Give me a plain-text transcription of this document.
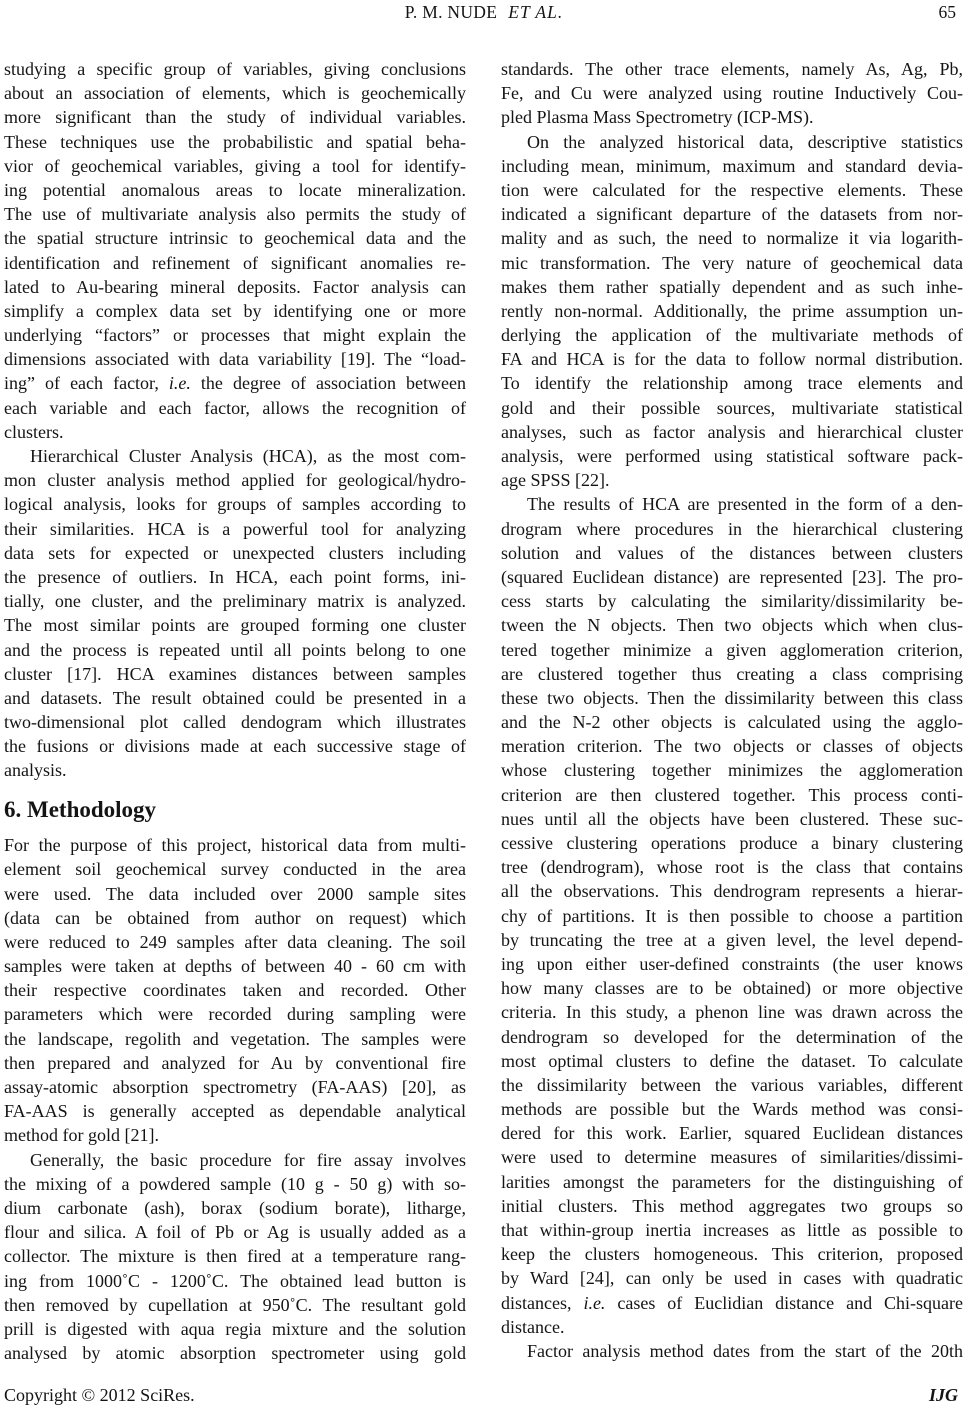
P. M. NUDE ET AL.	65
studying a specific group of variables, giving conclusions
about an association of elements, which is geochemically
more significant than the study of individual variables.
These techniques use the probabilistic and spatial beha-
vior of geochemical variables, giving a tool for identify-
ing potential anomalous areas to locate mineralization.
The use of multivariate analysis also permits the study of
the spatial structure intrinsic to geochemical data and the
identification and refinement of significant anomalies re-
lated to Au-bearing mineral deposits. Factor analysis can
simplify a complex data set by identifying one or more
underlying “factors” or processes that might explain the
dimensions associated with data variability [19]. The “load-
ing” of each factor, i.e. the degree of association between
each variable and each factor, allows the recognition of
clusters.
Hierarchical Cluster Analysis (HCA), as the most com-
mon cluster analysis method applied for geological/hydro-
logical analysis, looks for groups of samples according to
their similarities. HCA is a powerful tool for analyzing
data sets for expected or unexpected clusters including
the presence of outliers. In HCA, each point forms, ini-
tially, one cluster, and the preliminary matrix is analyzed.
The most similar points are grouped forming one cluster
and the process is repeated until all points belong to one
cluster [17]. HCA examines distances between samples
and datasets. The result obtained could be presented in a
two-dimensional plot called dendogram which illustrates
the fusions or divisions made at each successive stage of
analysis.
6. Methodology
For the purpose of this project, historical data from multi-
element soil geochemical survey conducted in the area
were used. The data included over 2000 sample sites
(data can be obtained from author on request) which
were reduced to 249 samples after data cleaning. The soil
samples were taken at depths of between 40 - 60 cm with
their respective coordinates taken and recorded. Other
parameters which were recorded during sampling were
the landscape, regolith and vegetation. The samples were
then prepared and analyzed for Au by conventional fire
assay-atomic absorption spectrometry (FA-AAS) [20], as
FA-AAS is generally accepted as dependable analytical
method for gold [21].
Generally, the basic procedure for fire assay involves
the mixing of a powdered sample (10 g - 50 g) with so-
dium carbonate (ash), borax (sodium borate), litharge,
flour and silica. A foil of Pb or Ag is usually added as a
collector. The mixture is then fired at a temperature rang-
ing from 1000˚C - 1200˚C. The obtained lead button is
then removed by cupellation at 950˚C. The resultant gold
prill is digested with aqua regia mixture and the solution
analysed by atomic absorption spectrometer using gold
standards. The other trace elements, namely As, Ag, Pb,
Fe, and Cu were analyzed using routine Inductively Cou-
pled Plasma Mass Spectrometry (ICP-MS).
On the analyzed historical data, descriptive statistics
including mean, minimum, maximum and standard devia-
tion were calculated for the respective elements. These
indicated a significant departure of the datasets from nor-
mality and as such, the need to normalize it via logarith-
mic transformation. The very nature of geochemical data
makes them rather spatially dependent and as such inhe-
rently non-normal. Additionally, the prime assumption un-
derlying the application of the multivariate methods of
FA and HCA is for the data to follow normal distribution.
To identify the relationship among trace elements and
gold and their possible sources, multivariate statistical
analyses, such as factor analysis and hierarchical cluster
analysis, were performed using statistical software pack-
age SPSS [22].
The results of HCA are presented in the form of a den-
drogram where procedures in the hierarchical clustering
solution and values of the distances between clusters
(squared Euclidean distance) are represented [23]. The pro-
cess starts by calculating the similarity/dissimilarity be-
tween the N objects. Then two objects which when clus-
tered together minimize a given agglomeration criterion,
are clustered together thus creating a class comprising
these two objects. Then the dissimilarity between this class
and the N-2 other objects is calculated using the agglo-
meration criterion. The two objects or classes of objects
whose clustering together minimizes the agglomeration
criterion are then clustered together. This process conti-
nues until all the objects have been clustered. These suc-
cessive clustering operations produce a binary clustering
tree (dendrogram), whose root is the class that contains
all the observations. This dendrogram represents a hierar-
chy of partitions. It is then possible to choose a partition
by truncating the tree at a given level, the level depend-
ing upon either user-defined constraints (the user knows
how many classes are to be obtained) or more objective
criteria. In this study, a phenon line was drawn across the
dendrogram so developed for the determination of the
most optimal clusters to define the dataset. To calculate
the dissimilarity between the various variables, different
methods are possible but the Wards method was consi-
dered for this work. Earlier, squared Euclidean distances
were used to determine measures of similarities/dissimi-
larities amongst the parameters for the distinguishing of
initial clusters. This method aggregates two groups so
that within-group inertia increases as little as possible to
keep the clusters homogeneous. This criterion, proposed
by Ward [24], can only be used in cases with quadratic
distances, i.e. cases of Euclidian distance and Chi-square
distance.
Factor analysis method dates from the start of the 20th
Copyright © 2012 SciRes.	IJG
